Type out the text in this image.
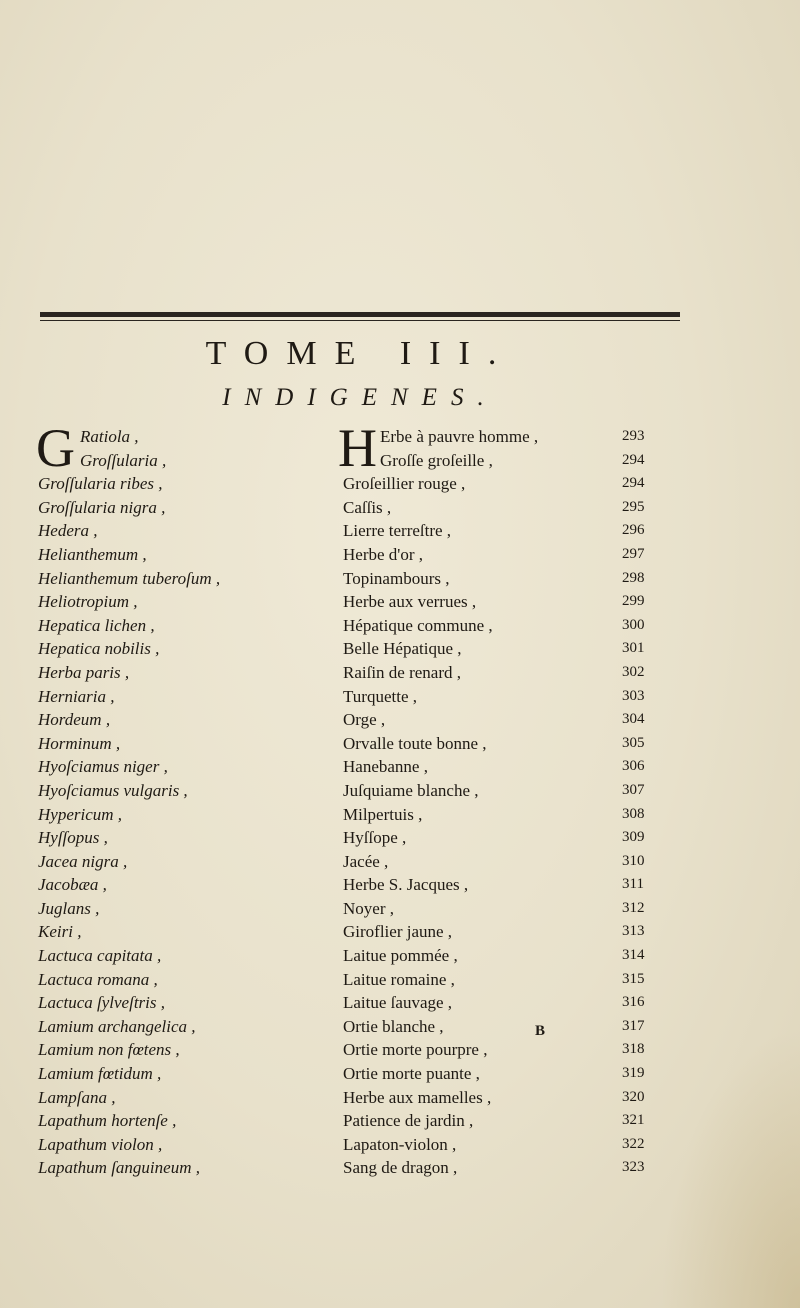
TOME III.
INDIGENES.
G	H
Ratiola ,	Erbe à pauvre homme ,	293
Groſſularia ,	Groſſe groſeille ,	294
Groſſularia ribes ,	Groſeillier rouge ,	294
Groſſularia nigra ,	Caſſis ,	295
Hedera ,	Lierre terreſtre ,	296
Helianthemum ,	Herbe d'or ,	297
Helianthemum tuberoſum ,	Topinambours ,	298
Heliotropium ,	Herbe aux verrues ,	299
Hepatica lichen ,	Hépatique commune ,	300
Hepatica nobilis ,	Belle Hépatique ,	301
Herba paris ,	Raiſin de renard ,	302
Herniaria ,	Turquette ,	303
Hordeum ,	Orge ,	304
Horminum ,	Orvalle toute bonne ,	305
Hyoſciamus niger ,	Hanebanne ,	306
Hyoſciamus vulgaris ,	Juſquiame blanche ,	307
Hypericum ,	Milpertuis ,	308
Hyſſopus ,	Hyſſope ,	309
Jacea nigra ,	Jacée ,	310
Jacobæa ,	Herbe S. Jacques ,	311
Juglans ,	Noyer ,	312
Keiri ,	Giroflier jaune ,	313
Lactuca capitata ,	Laitue pommée ,	314
Lactuca romana ,	Laitue romaine ,	315
Lactuca ſylveſtris ,	Laitue ſauvage ,	316
Lamium archangelica ,	Ortie blanche ,	317
Lamium non fœtens ,	Ortie morte pourpre ,	318
Lamium fœtidum ,	Ortie morte puante ,	319
Lampſana ,	Herbe aux mamelles ,	320
Lapathum hortenſe ,	Patience de jardin ,	321
Lapathum violon ,	Lapaton-violon ,	322
Lapathum ſanguineum ,	Sang de dragon ,	323
B
